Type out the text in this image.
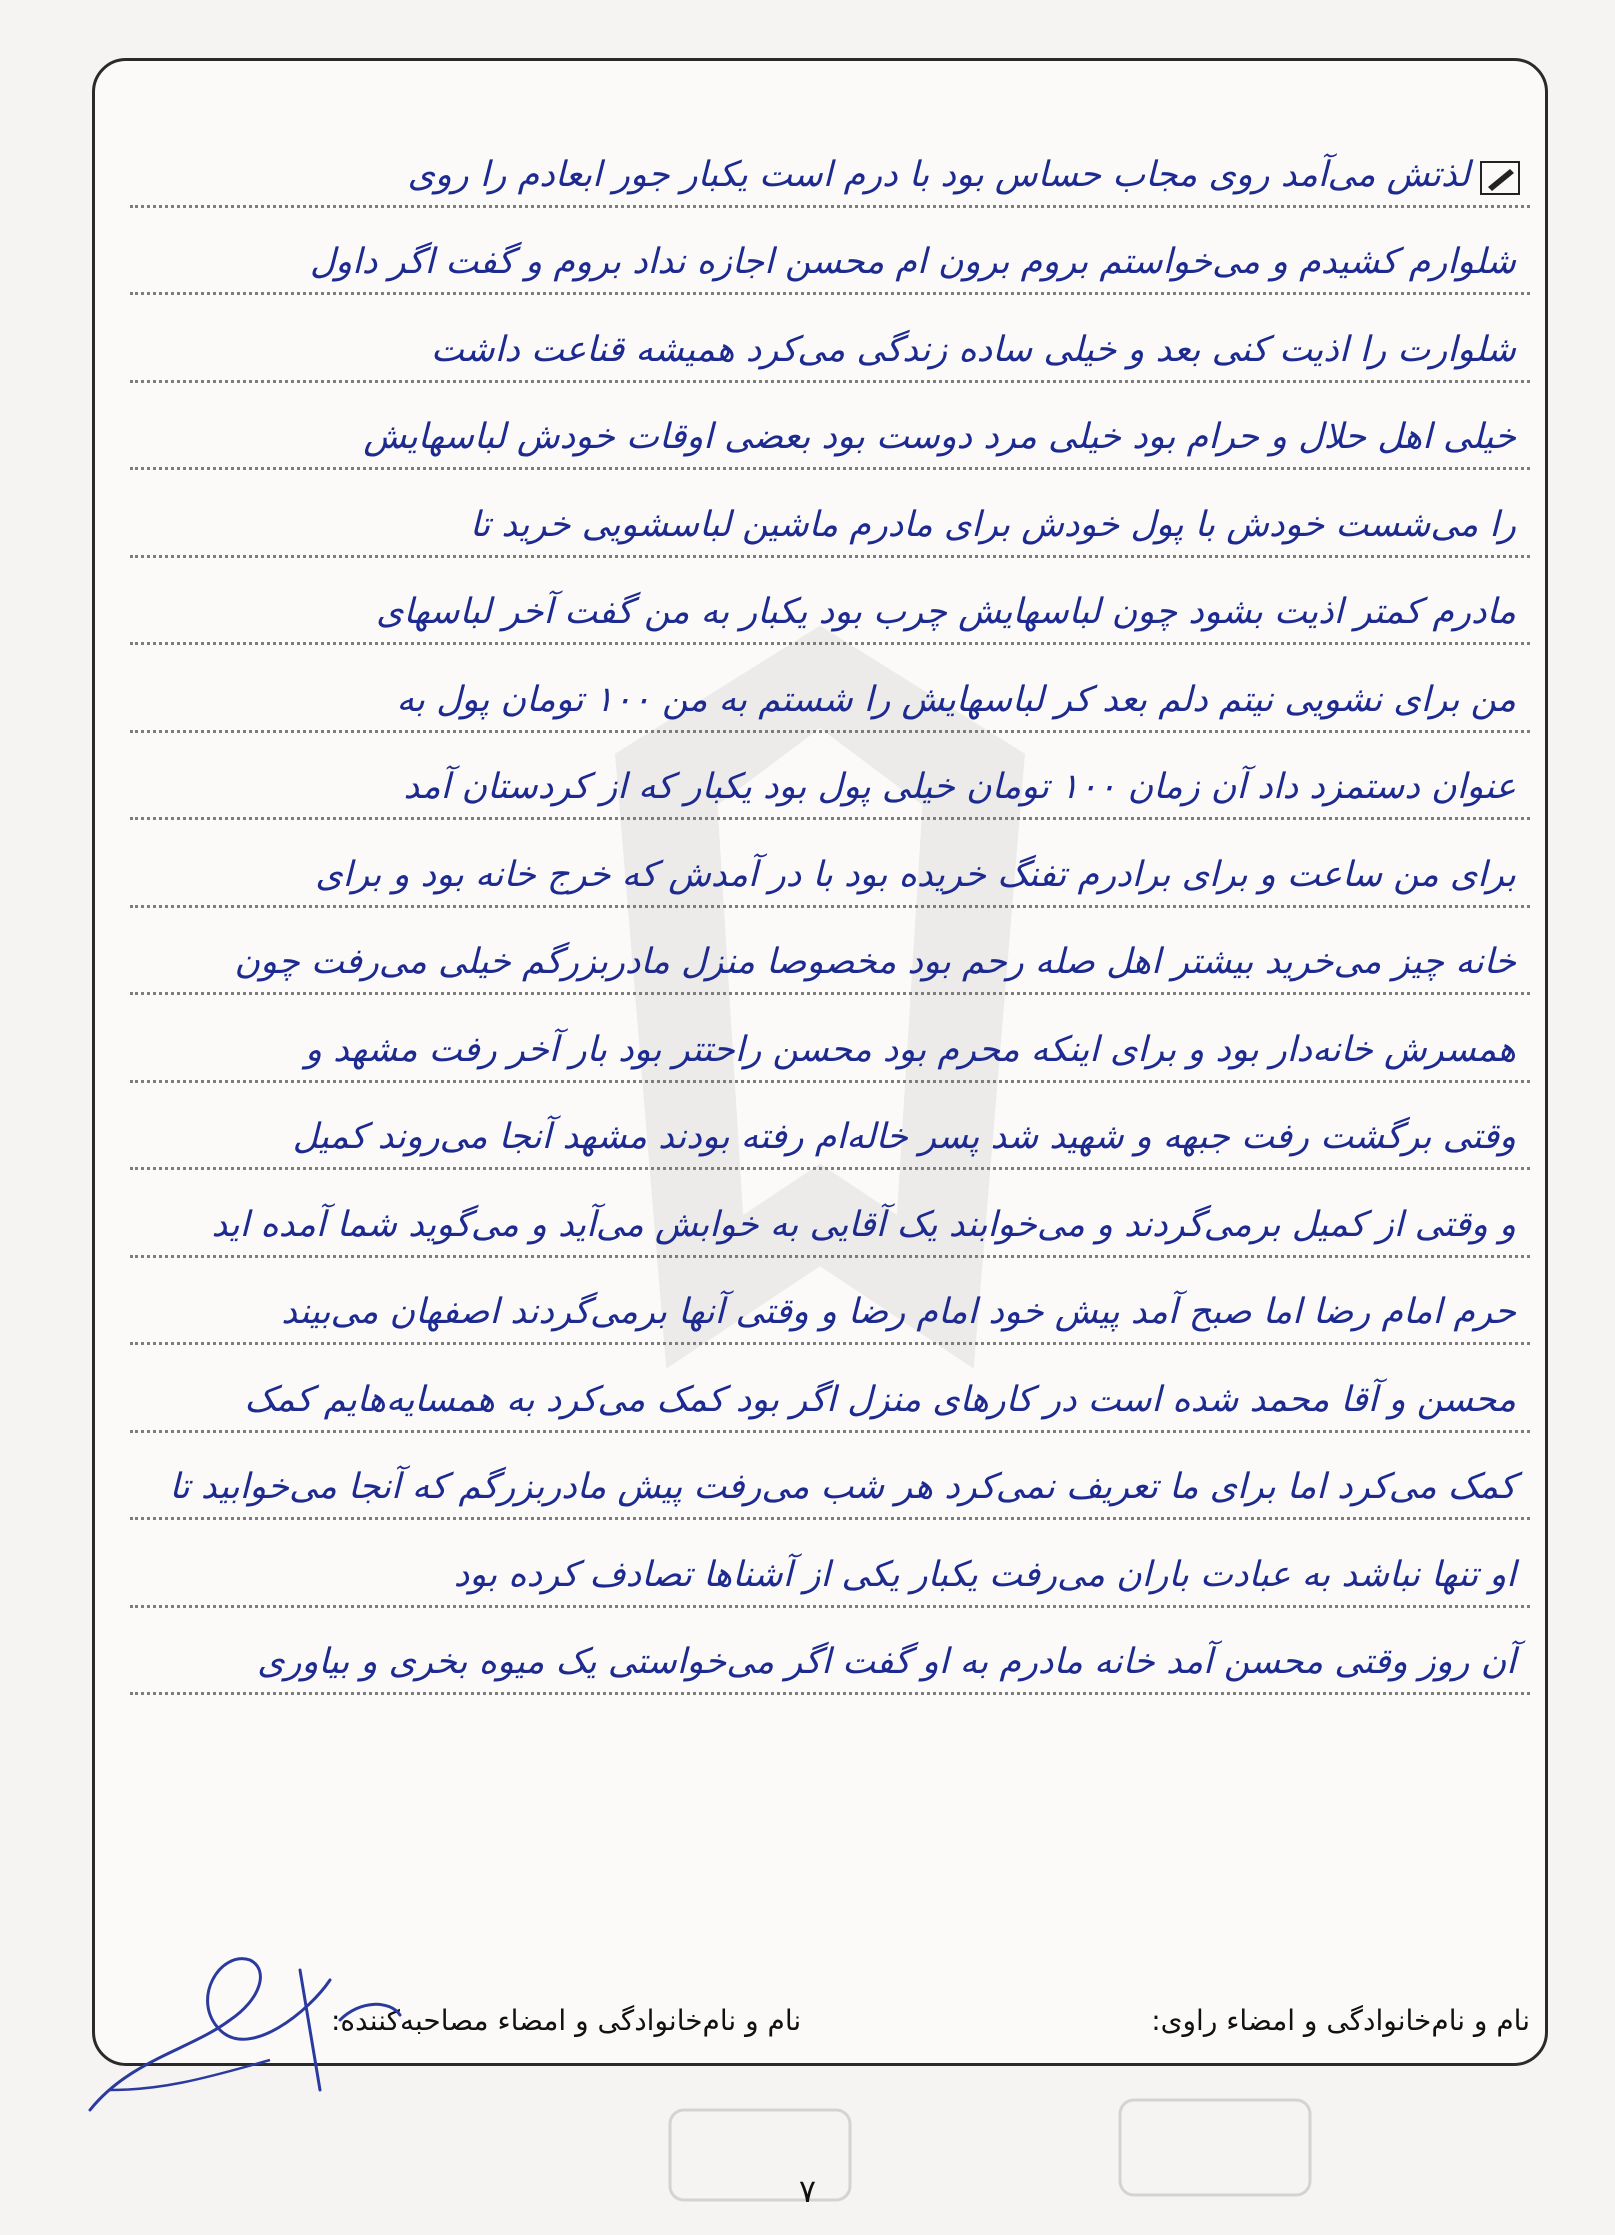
لذتش می‌آمد روی مجاب حساس بود با درم است یکبار جور ابعادم را روی
شلوارم کشیدم و می‌خواستم بروم برون ام محسن اجازه نداد بروم و گفت اگر داول
شلوارت را اذیت کنی بعد و خیلی ساده زندگی می‌کرد همیشه قناعت داشت
خیلی اهل حلال و حرام بود خیلی مرد دوست بود بعضی اوقات خودش لباسهایش
را می‌شست خودش با پول خودش برای مادرم ماشین لباسشویی خرید تا
مادرم کمتر اذیت بشود چون لباسهایش چرب بود یکبار به من گفت آخر لباسهای
من برای نشویی نیتم دلم بعد کر لباسهایش را شستم به من ۱۰۰ تومان پول به
عنوان دستمزد داد آن زمان ۱۰۰ تومان خیلی پول بود یکبار که از کردستان آمد
برای من ساعت و برای برادرم تفنگ خریده بود با در آمدش که خرج خانه بود و برای
خانه چیز می‌خرید بیشتر اهل صله رحم بود مخصوصا منزل مادربزرگم خیلی می‌رفت چون
همسرش خانه‌دار بود و برای اینکه محرم بود محسن راحتتر بود بار آخر رفت مشهد و
وقتی برگشت رفت جبهه و شهید شد پسر خاله‌ام رفته بودند مشهد آنجا می‌روند کمیل
و وقتی از کمیل برمی‌گردند و می‌خوابند یک آقایی به خوابش می‌آید و می‌گوید شما آمده اید
حرم امام رضا اما صبح آمد پیش خود امام رضا و وقتی آنها برمی‌گردند اصفهان می‌بیند
محسن و آقا محمد شده است در کارهای منزل اگر بود کمک می‌کرد به همسایه‌هایم کمک
کمک می‌کرد اما برای ما تعریف نمی‌کرد هر شب می‌رفت پیش مادربزرگم که آنجا می‌خوابید تا
او تنها نباشد به عبادت باران می‌رفت یکبار یکی از آشناها تصادف کرده بود
آن روز وقتی محسن آمد خانه مادرم به او گفت اگر می‌خواستی یک میوه بخری و بیاوری
نام و نام‌خانوادگی و امضاء راوی:
نام و نام‌خانوادگی و امضاء مصاحبه‌کننده:
۷
